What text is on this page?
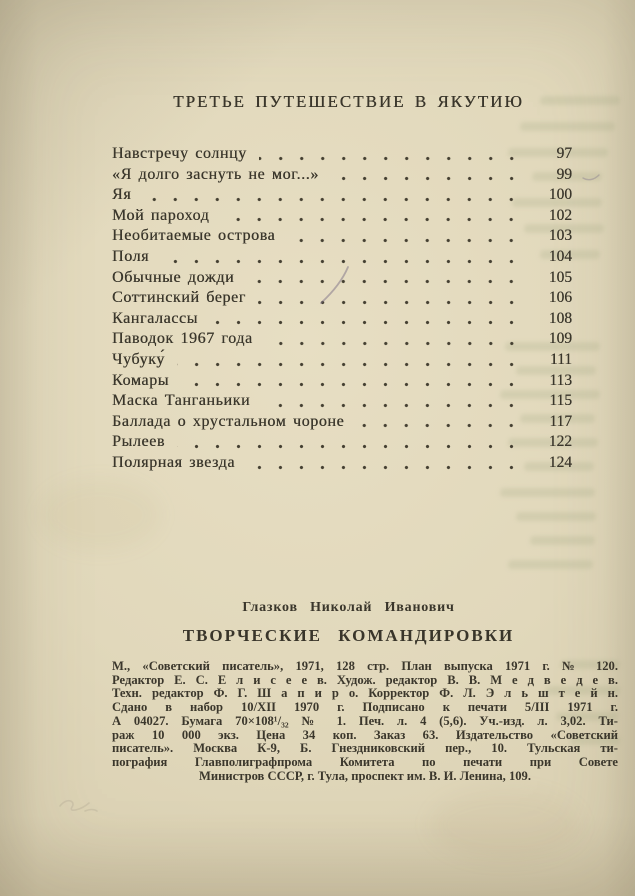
ТРЕТЬЕ ПУТЕШЕСТВИЕ В ЯКУТИЮ
Навстречу солнцу	97
«Я долго заснуть не мог...»	99
Яя	100
Мой пароход	102
Необитаемые острова	103
Поля	104
Обычные дожди	105
Соттинский берег	106
Кангалассы	108
Паводок 1967 года	109
Чубуку́	111
Комары	113
Маска Танганьики	115
Баллада о хрустальном чороне	117
Рылеев	122
Полярная звезда	124
Глазков Николай Иванович
ТВОРЧЕСКИЕ КОМАНДИРОВКИ
М., «Советский писатель», 1971, 128 стр. План выпуска 1971 г. № 120.
Редактор Е. С. Е л и с е е в. Худож. редактор В. В. М е д в е д е в.
Техн. редактор Ф. Г. Ш а п и р о. Корректор Ф. Л. Э л ь ш т е й н.
Сдано в набор 10/XII 1970 г. Подписано к печати 5/III 1971 г.
А 04027. Бумага 70×108¹/₃₂ № 1. Печ. л. 4 (5,6). Уч.-изд. л. 3,02. Ти-
раж 10 000 экз. Цена 34 коп. Заказ 63. Издательство «Советский
писатель». Москва К-9, Б. Гнездниковский пер., 10. Тульская ти-
пография Главполиграфпрома Комитета по печати при Совете
Министров СССР, г. Тула, проспект им. В. И. Ленина, 109.
